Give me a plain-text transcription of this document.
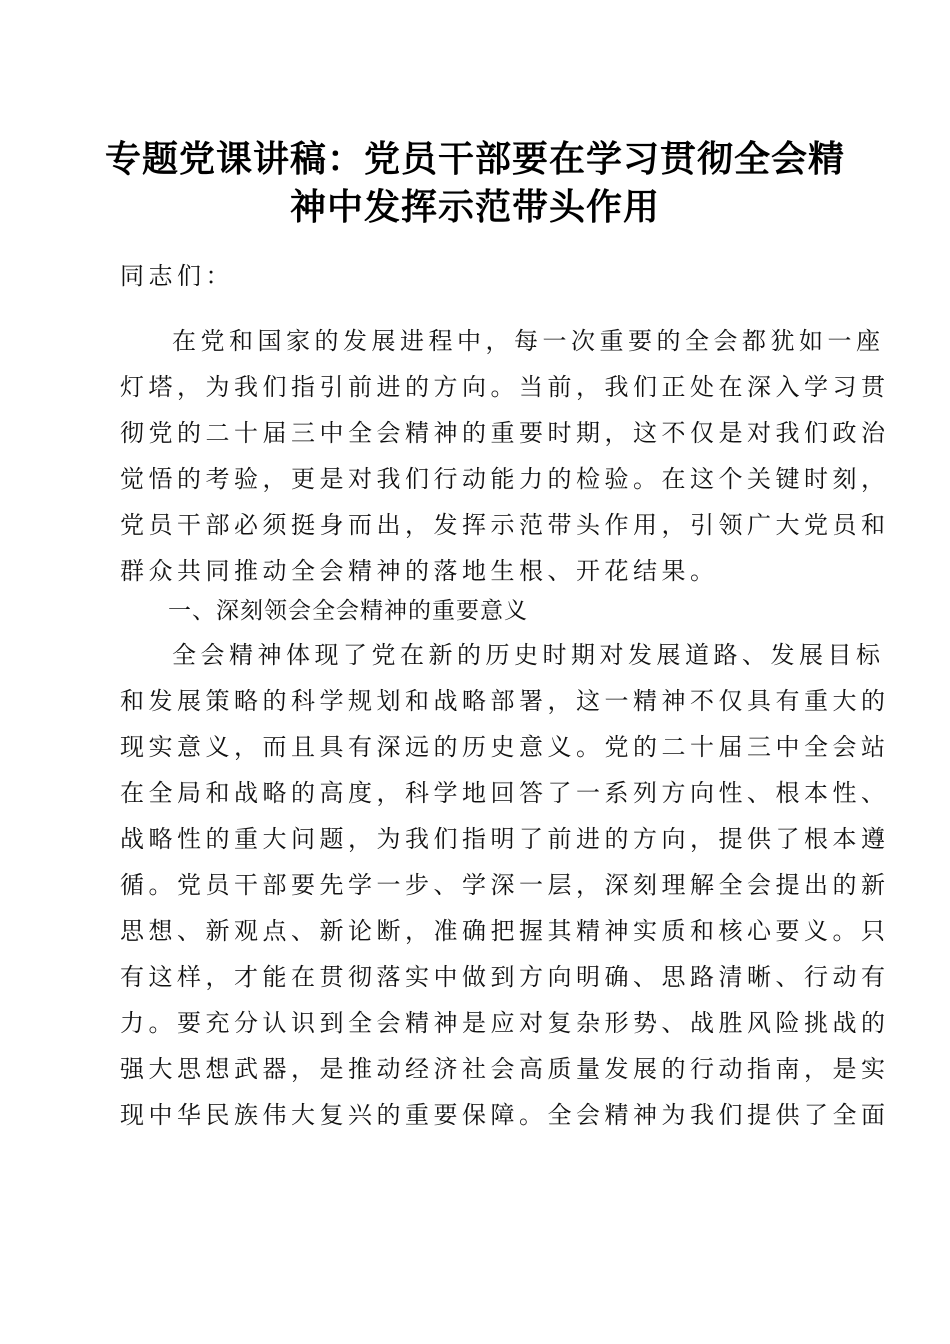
专题党课讲稿：党员干部要在学习贯彻全会精
神中发挥示范带头作用
同志们：
在党和国家的发展进程中，每一次重要的全会都犹如一座
灯塔，为我们指引前进的方向。当前，我们正处在深入学习贯
彻党的二十届三中全会精神的重要时期，这不仅是对我们政治
觉悟的考验，更是对我们行动能力的检验。在这个关键时刻，
党员干部必须挺身而出，发挥示范带头作用，引领广大党员和
群众共同推动全会精神的落地生根、开花结果。
一、深刻领会全会精神的重要意义
全会精神体现了党在新的历史时期对发展道路、发展目标
和发展策略的科学规划和战略部署，这一精神不仅具有重大的
现实意义，而且具有深远的历史意义。党的二十届三中全会站
在全局和战略的高度，科学地回答了一系列方向性、根本性、
战略性的重大问题，为我们指明了前进的方向，提供了根本遵
循。党员干部要先学一步、学深一层，深刻理解全会提出的新
思想、新观点、新论断，准确把握其精神实质和核心要义。只
有这样，才能在贯彻落实中做到方向明确、思路清晰、行动有
力。要充分认识到全会精神是应对复杂形势、战胜风险挑战的
强大思想武器，是推动经济社会高质量发展的行动指南，是实
现中华民族伟大复兴的重要保障。全会精神为我们提供了全面
